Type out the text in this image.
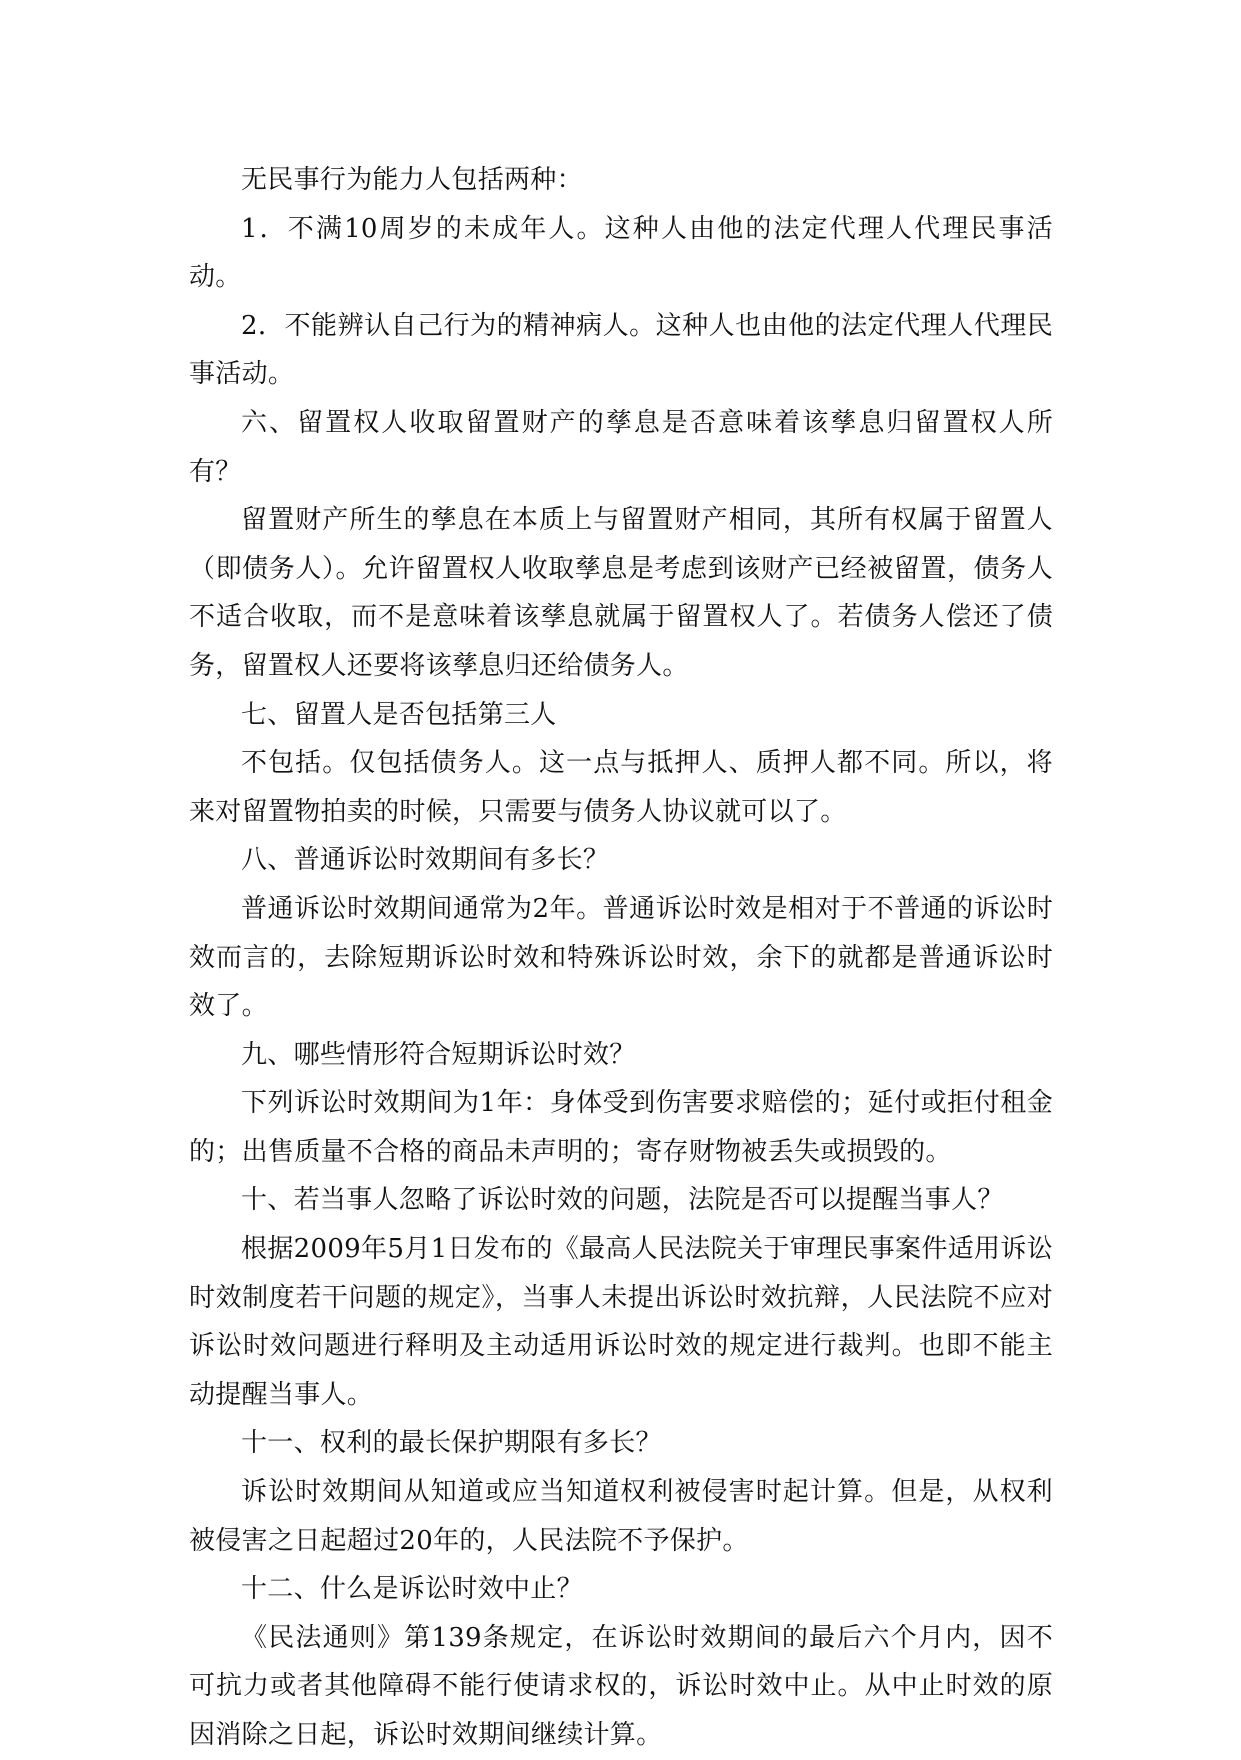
无民事行为能力人包括两种：

1．不满10周岁的未成年人。这种人由他的法定代理人代理民事活动。

2．不能辨认自己行为的精神病人。这种人也由他的法定代理人代理民事活动。

六、留置权人收取留置财产的孳息是否意味着该孳息归留置权人所有？

留置财产所生的孳息在本质上与留置财产相同，其所有权属于留置人（即债务人）。允许留置权人收取孳息是考虑到该财产已经被留置，债务人不适合收取，而不是意味着该孳息就属于留置权人了。若债务人偿还了债务，留置权人还要将该孳息归还给债务人。

七、留置人是否包括第三人

不包括。仅包括债务人。这一点与抵押人、质押人都不同。所以，将来对留置物拍卖的时候，只需要与债务人协议就可以了。

八、普通诉讼时效期间有多长？

普通诉讼时效期间通常为2年。普通诉讼时效是相对于不普通的诉讼时效而言的，去除短期诉讼时效和特殊诉讼时效，余下的就都是普通诉讼时效了。

九、哪些情形符合短期诉讼时效？

下列诉讼时效期间为1年：身体受到伤害要求赔偿的；延付或拒付租金的；出售质量不合格的商品未声明的；寄存财物被丢失或损毁的。

十、若当事人忽略了诉讼时效的问题，法院是否可以提醒当事人？

根据2009年5月1日发布的《最高人民法院关于审理民事案件适用诉讼时效制度若干问题的规定》，当事人未提出诉讼时效抗辩，人民法院不应对诉讼时效问题进行释明及主动适用诉讼时效的规定进行裁判。也即不能主动提醒当事人。

十一、权利的最长保护期限有多长？

诉讼时效期间从知道或应当知道权利被侵害时起计算。但是，从权利被侵害之日起超过20年的，人民法院不予保护。

十二、什么是诉讼时效中止？

《民法通则》第139条规定，在诉讼时效期间的最后六个月内，因不可抗力或者其他障碍不能行使请求权的，诉讼时效中止。从中止时效的原因消除之日起，诉讼时效期间继续计算。
